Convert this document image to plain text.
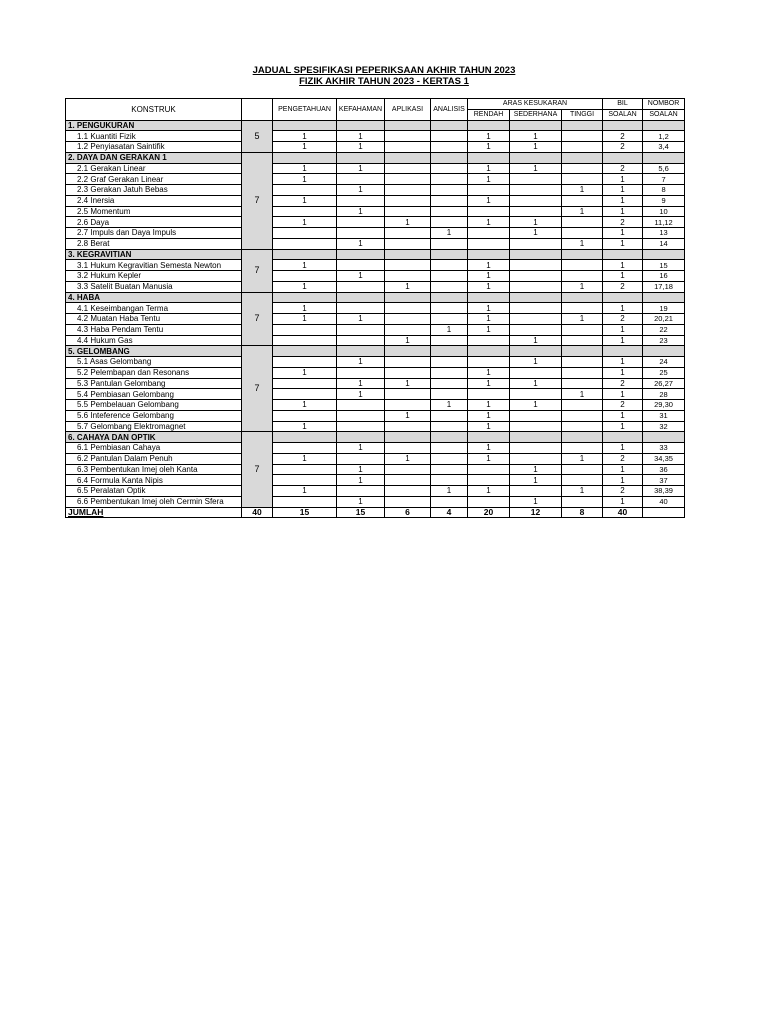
JADUAL SPESIFIKASI PEPERIKSAAN AKHIR TAHUN 2023
FIZIK AKHIR TAHUN 2023 - KERTAS 1
KONSTRUK		PENGETAHUAN	KEFAHAMAN	APLIKASI	ANALISIS	ARAS KESUKARAN			BIL	NOMBOR
						RENDAH	SEDERHANA	TINGGI	SOALAN	SOALAN
1. PENGUKURAN	5									
1.1 Kuantiti Fizik		1	1			1	1		2	1,2
1.2 Penyiasatan Saintifik		1	1			1	1		2	3,4
2. DAYA DAN GERAKAN 1	7									
2.1 Gerakan Linear		1	1			1	1		2	5,6
2.2 Graf Gerakan Linear		1				1			1	7
2.3 Gerakan Jatuh Bebas			1					1	1	8
2.4 Inersia		1				1			1	9
2.5 Momentum			1					1	1	10
2.6 Daya		1		1		1	1		2	11,12
2.7 Impuls dan Daya Impuls					1		1		1	13
2.8 Berat			1					1	1	14
3. KEGRAVITIAN	7									
3.1 Hukum Kegravitian Semesta Newton		1				1			1	15
3.2 Hukum Kepler			1			1			1	16
3.3 Satelit Buatan Manusia		1		1		1		1	2	17,18
4. HABA	7									
4.1 Keseimbangan Terma		1				1			1	19
4.2 Muatan Haba Tentu		1	1			1		1	2	20,21
4.3 Haba Pendam Tentu					1	1			1	22
4.4 Hukum Gas				1			1		1	23
5. GELOMBANG	7									
5.1 Asas Gelombang			1				1		1	24
5.2 Pelembapan dan Resonans		1				1			1	25
5.3 Pantulan Gelombang			1	1		1	1		2	26,27
5.4 Pembiasan Gelombang			1					1	1	28
5.5 Pembelauan Gelombang		1			1	1	1		2	29,30
5.6 Inteference Gelombang				1		1			1	31
5.7 Gelombang Elektromagnet		1				1			1	32
6. CAHAYA DAN OPTIK	7									
6.1 Pembiasan Cahaya			1			1			1	33
6.2 Pantulan Dalam Penuh		1		1		1		1	2	34,35
6.3 Pembentukan Imej oleh Kanta			1				1		1	36
6.4 Formula Kanta Nipis			1				1		1	37
6.5 Peralatan Optik		1			1	1		1	2	38,39
6.6 Pembentukan Imej oleh Cermin Sfera			1				1		1	40
JUMLAH	40	15	15	6	4	20	12	8	40	
